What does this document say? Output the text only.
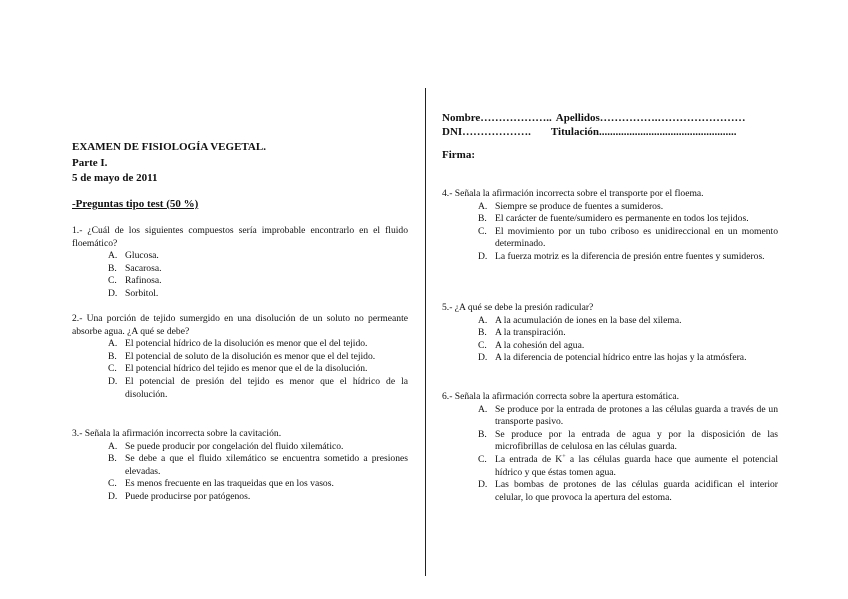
EXAMEN DE FISIOLOGÍA VEGETAL.
Parte I.
5 de mayo de 2011
-Preguntas tipo test (50 %)

1.- ¿Cuál de los siguientes compuestos sería improbable encontrarlo en el fluido floemático?

A. Glucosa.
B. Sacarosa.
C. Rafinosa.
D. Sorbitol.

2.- Una porción de tejido sumergido en una disolución de un soluto no permeante absorbe agua. ¿A qué se debe?

A. El potencial hídrico de la disolución es menor que el del tejido.
B. El potencial de soluto de la disolución es menor que el del tejido.
C. El potencial hídrico del tejido es menor que el de la disolución.
D. El potencial de presión del tejido es menor que el hídrico de la disolución.

3.- Señala la afirmación incorrecta sobre la cavitación.

A. Se puede producir por congelación del fluido xilemático.
B. Se debe a que el fluido xilemático se encuentra sometido a presiones elevadas.
C. Es menos frecuente en las traqueidas que en los vasos.
D. Puede producirse por patógenos.
Nombre……………….. Apellidos…………….……………………
DNI………………. Titulación..................................................
Firma:

4.- Señala la afirmación incorrecta sobre el transporte por el floema.

A. Siempre se produce de fuentes a sumideros.
B. El carácter de fuente/sumidero es permanente en todos los tejidos.
C. El movimiento por un tubo criboso es unidireccional en un momento determinado.
D. La fuerza motriz es la diferencia de presión entre fuentes y sumideros.

5.- ¿A qué se debe la presión radicular?

A. A la acumulación de iones en la base del xilema.
B. A la transpiración.
C. A la cohesión del agua.
D. A la diferencia de potencial hídrico entre las hojas y la atmósfera.

6.- Señala la afirmación correcta sobre la apertura estomática.

A. Se produce por la entrada de protones a las células guarda a través de un transporte pasivo.
B. Se produce por la entrada de agua y por la disposición de las microfibrillas de celulosa en las células guarda.
C. La entrada de K+ a las células guarda hace que aumente el potencial hídrico y que éstas tomen agua.
D. Las bombas de protones de las células guarda acidifican el interior celular, lo que provoca la apertura del estoma.
